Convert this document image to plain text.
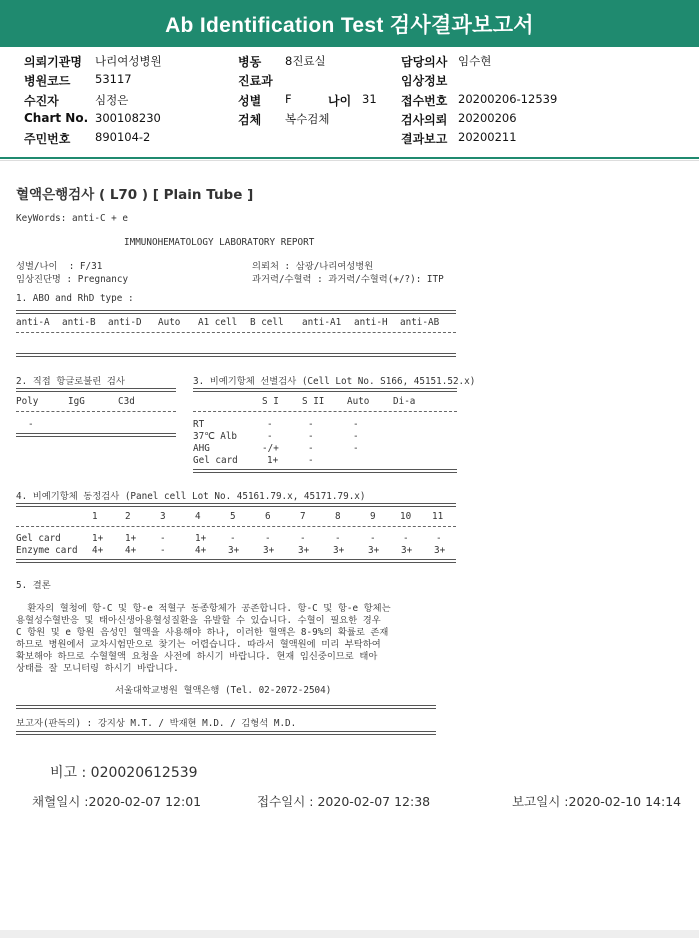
Ab Identification Test 검사결과보고서
의뢰기관명 나리여성병원
병원코드 53117
수진자	심정은
Chart No. 300108230
주민번호 890104-2
병동 8진료실
진료과
성별 F	나이 31
검체 복수검체
담당의사 임수현
임상정보
접수번호 20200206-12539
검사의뢰 20200206
결과보고 20200211
혈액은행검사 ( L70 ) [ Plain Tube ]
KeyWords: anti-C + e
IMMUNOHEMATOLOGY LABORATORY REPORT
성별/나이  : F/31	의뢰처 : 삼광/나리여성병원
임상진단명 : Pregnancy	과거력/수혈력 : 과거력/수혈력(+/?): ITP
1. ABO and RhD type :
anti-A anti-B anti-D Auto A1 cell B cell anti-A1 anti-H anti-AB
2. 직접 항글로불린 검사
Poly	IgG	C3d
-
3. 비예기항체 선별검사 (Cell Lot No. S166, 45151.52.x)
S I S II Auto	Di-a
RT	-	-	-
37℃ Alb	-	-	-
AHG	-/+	-	-
Gel card	1+	-
4. 비예기항체 동정검사 (Panel cell Lot No. 45161.79.x, 45171.79.x)
1	2	3	4	5	6	7	8	9	10 11
Gel card	1+ 1+	-	1+	-	-	-	-	-	-	-
Enzyme card 4+ 4+	-	4+ 3+	3+	3+	3+	3+ 3+ 3+
5. 결론
환자의 혈청에 항-C 및 항-e 적혈구 동종항체가 공존합니다. 항-C 및 항-e 항체는
용혈성수혈반응 및 태아신생아용혈성질환을 유발할 수 있습니다. 수혈이 필요한 경우
C 항원 및 e 항원 음성인 혈액을 사용해야 하나, 이러한 혈액은 8-9%의 확률로 존재
하므로 병원에서 교차시험만으로 찾기는 어렵습니다. 따라서 혈액원에 미리 부탁하여
확보해야 하므로 수혈혈액 요청을 사전에 하시기 바랍니다. 현재 임신중이므로 태아
상태를 잘 모니터링 하시기 바랍니다.
서울대학교병원 혈액은행 (Tel. 02-2072-2504)
보고자(판독의) : 강지상 M.T. / 박재현 M.D. / 김형석 M.D.
비고 : 020020612539
채혈일시 :2020-02-07 12:01	접수일시 : 2020-02-07 12:38	보고일시 :2020-02-10 14:14
